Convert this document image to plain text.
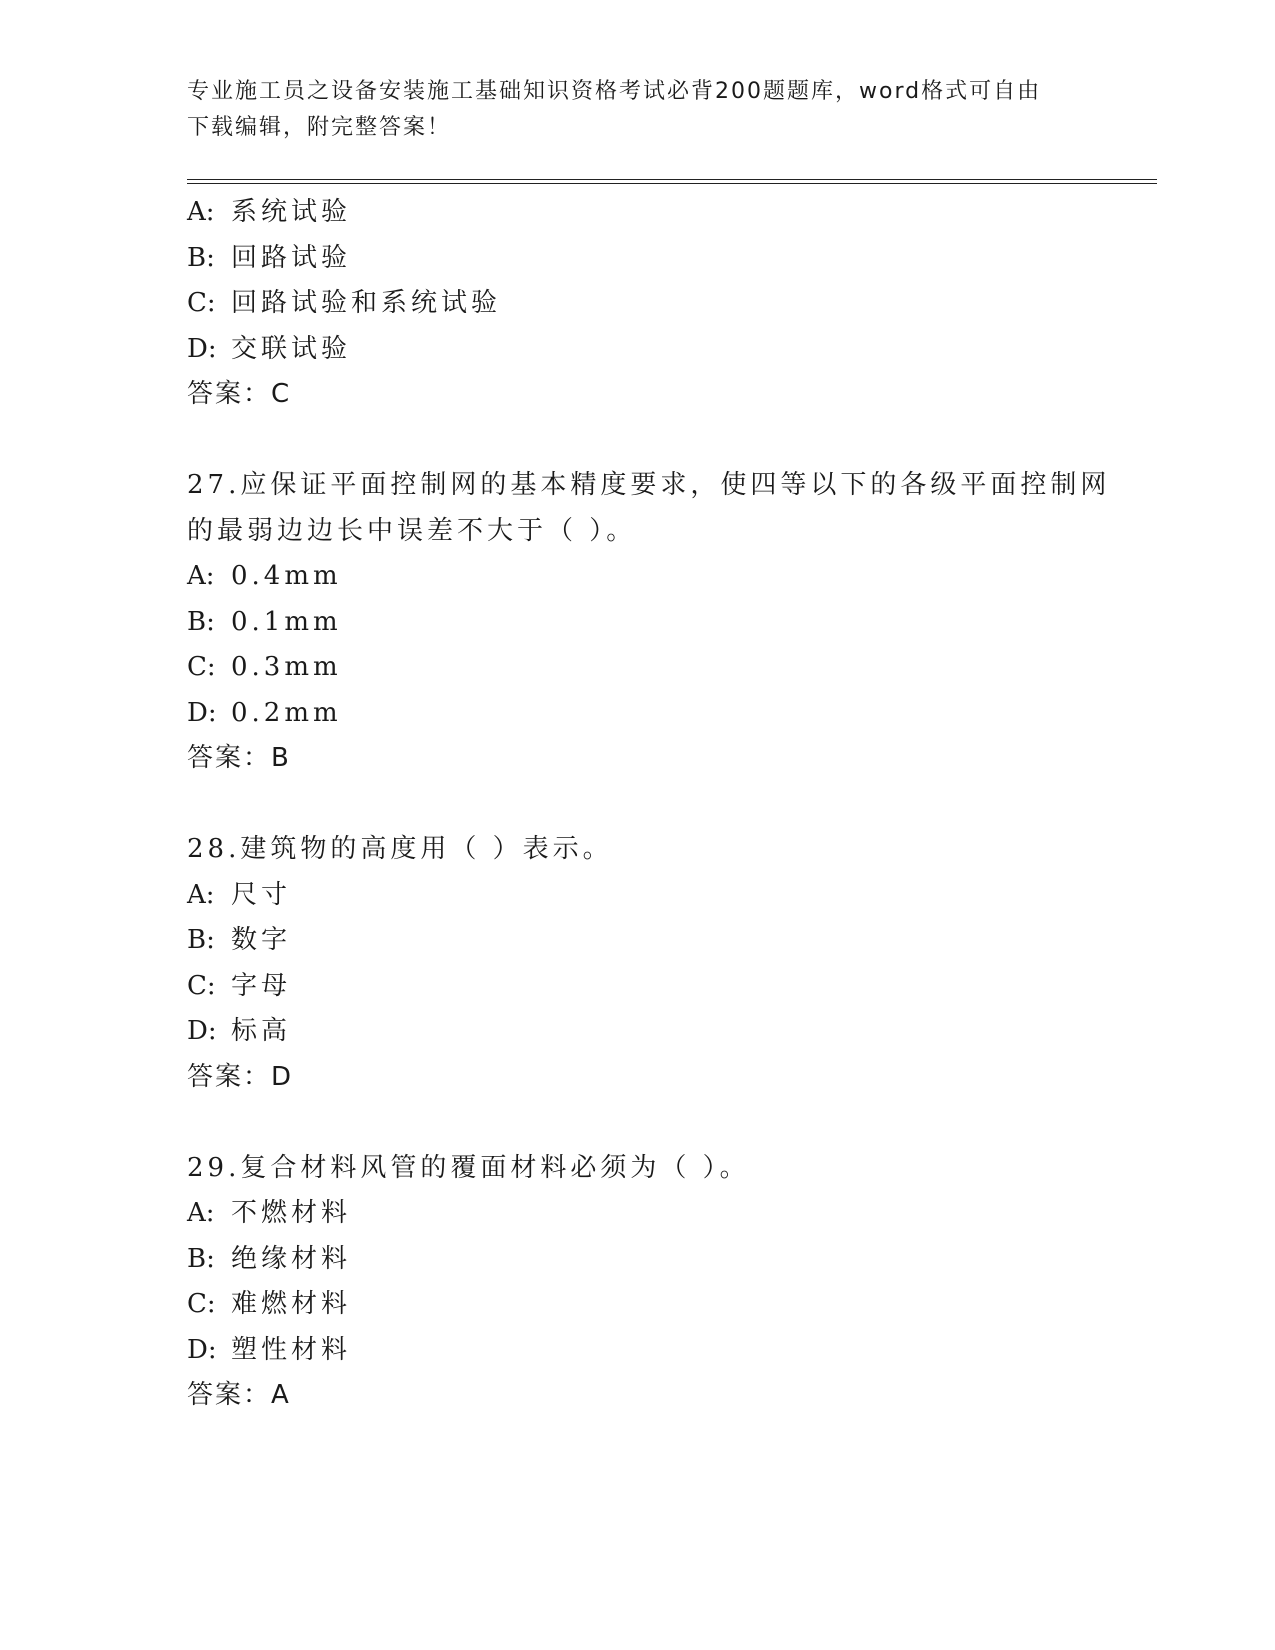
专业施工员之设备安装施工基础知识资格考试必背200题题库，word格式可自由
下载编辑，附完整答案！
A: 系统试验
B: 回路试验
C: 回路试验和系统试验
D: 交联试验
答案：C
27.应保证平面控制网的基本精度要求，使四等以下的各级平面控制网
的最弱边边长中误差不大于（ ）。
A: 0.4mm
B: 0.1mm
C: 0.3mm
D: 0.2mm
答案：B
28.建筑物的高度用（ ）表示。
A: 尺寸
B: 数字
C: 字母
D: 标高
答案：D
29.复合材料风管的覆面材料必须为（ ）。
A: 不燃材料
B: 绝缘材料
C: 难燃材料
D: 塑性材料
答案：A
